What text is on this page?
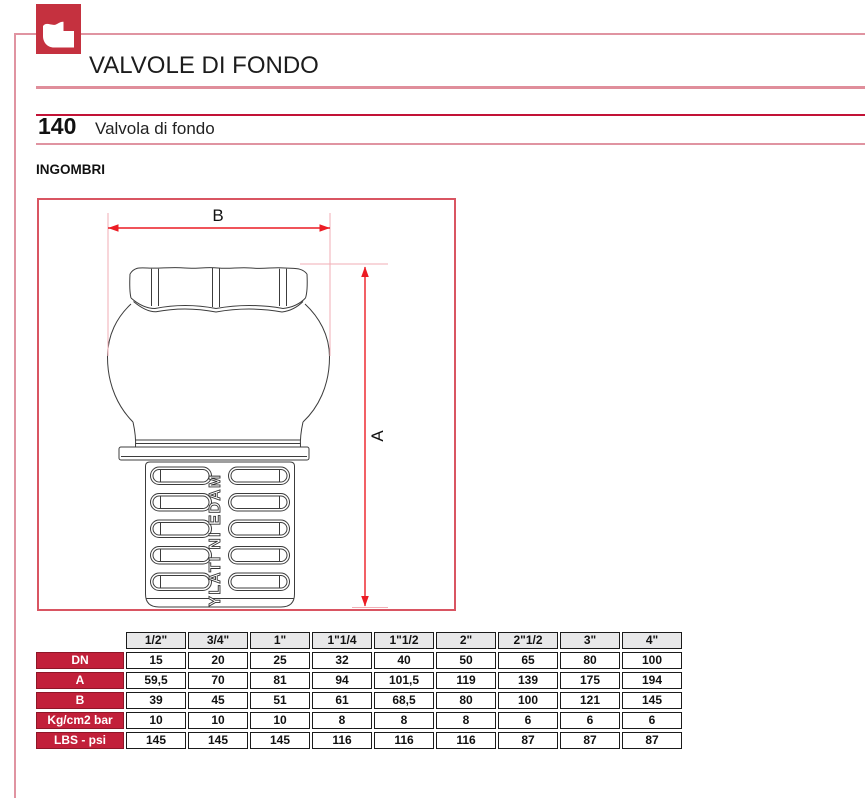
VALVOLE DI FONDO
140 Valvola di fondo
INGOMBRI
YLATI NI EDAM
B
A
	1/2"	3/4"	1"	1"1/4	1"1/2	2"	2"1/2	3"	4"
DN	15	20	25	32	40	50	65	80	100
A	59,5	70	81	94	101,5	119	139	175	194
B	39	45	51	61	68,5	80	100	121	145
Kg/cm2 bar	10	10	10	8	8	8	6	6	6
LBS - psi	145	145	145	116	116	116	87	87	87
